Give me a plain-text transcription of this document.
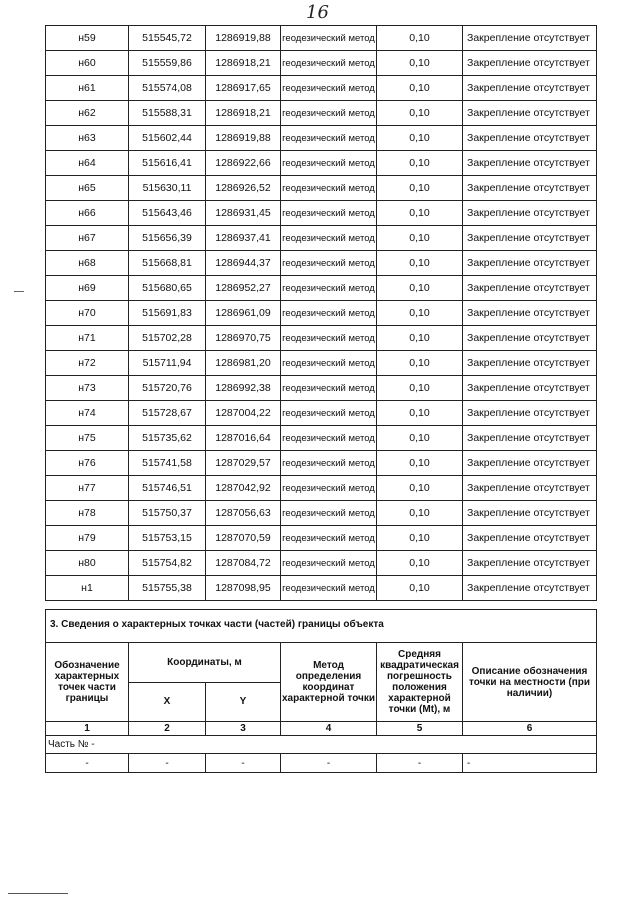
16
н59	515545,72	1286919,88	геодезический метод	0,10	Закрепление отсутствует
н60	515559,86	1286918,21	геодезический метод	0,10	Закрепление отсутствует
н61	515574,08	1286917,65	геодезический метод	0,10	Закрепление отсутствует
н62	515588,31	1286918,21	геодезический метод	0,10	Закрепление отсутствует
н63	515602,44	1286919,88	геодезический метод	0,10	Закрепление отсутствует
н64	515616,41	1286922,66	геодезический метод	0,10	Закрепление отсутствует
н65	515630,11	1286926,52	геодезический метод	0,10	Закрепление отсутствует
н66	515643,46	1286931,45	геодезический метод	0,10	Закрепление отсутствует
н67	515656,39	1286937,41	геодезический метод	0,10	Закрепление отсутствует
н68	515668,81	1286944,37	геодезический метод	0,10	Закрепление отсутствует
н69	515680,65	1286952,27	геодезический метод	0,10	Закрепление отсутствует
н70	515691,83	1286961,09	геодезический метод	0,10	Закрепление отсутствует
н71	515702,28	1286970,75	геодезический метод	0,10	Закрепление отсутствует
н72	515711,94	1286981,20	геодезический метод	0,10	Закрепление отсутствует
н73	515720,76	1286992,38	геодезический метод	0,10	Закрепление отсутствует
н74	515728,67	1287004,22	геодезический метод	0,10	Закрепление отсутствует
н75	515735,62	1287016,64	геодезический метод	0,10	Закрепление отсутствует
н76	515741,58	1287029,57	геодезический метод	0,10	Закрепление отсутствует
н77	515746,51	1287042,92	геодезический метод	0,10	Закрепление отсутствует
н78	515750,37	1287056,63	геодезический метод	0,10	Закрепление отсутствует
н79	515753,15	1287070,59	геодезический метод	0,10	Закрепление отсутствует
н80	515754,82	1287084,72	геодезический метод	0,10	Закрепление отсутствует
н1	515755,38	1287098,95	геодезический метод	0,10	Закрепление отсутствует
3. Сведения о характерных точках части (частей) границы объекта					
Обозначение характерных точек части границы	Координаты, м		Метод определения координат характерной точки	Средняя квадратическая погрешность положения характерной точки (Mt), м	Описание обозначения точки на местности (при наличии)
	X	Y			
1	2	3	4	5	6
Часть № -					
-	-	-	-	-	-
